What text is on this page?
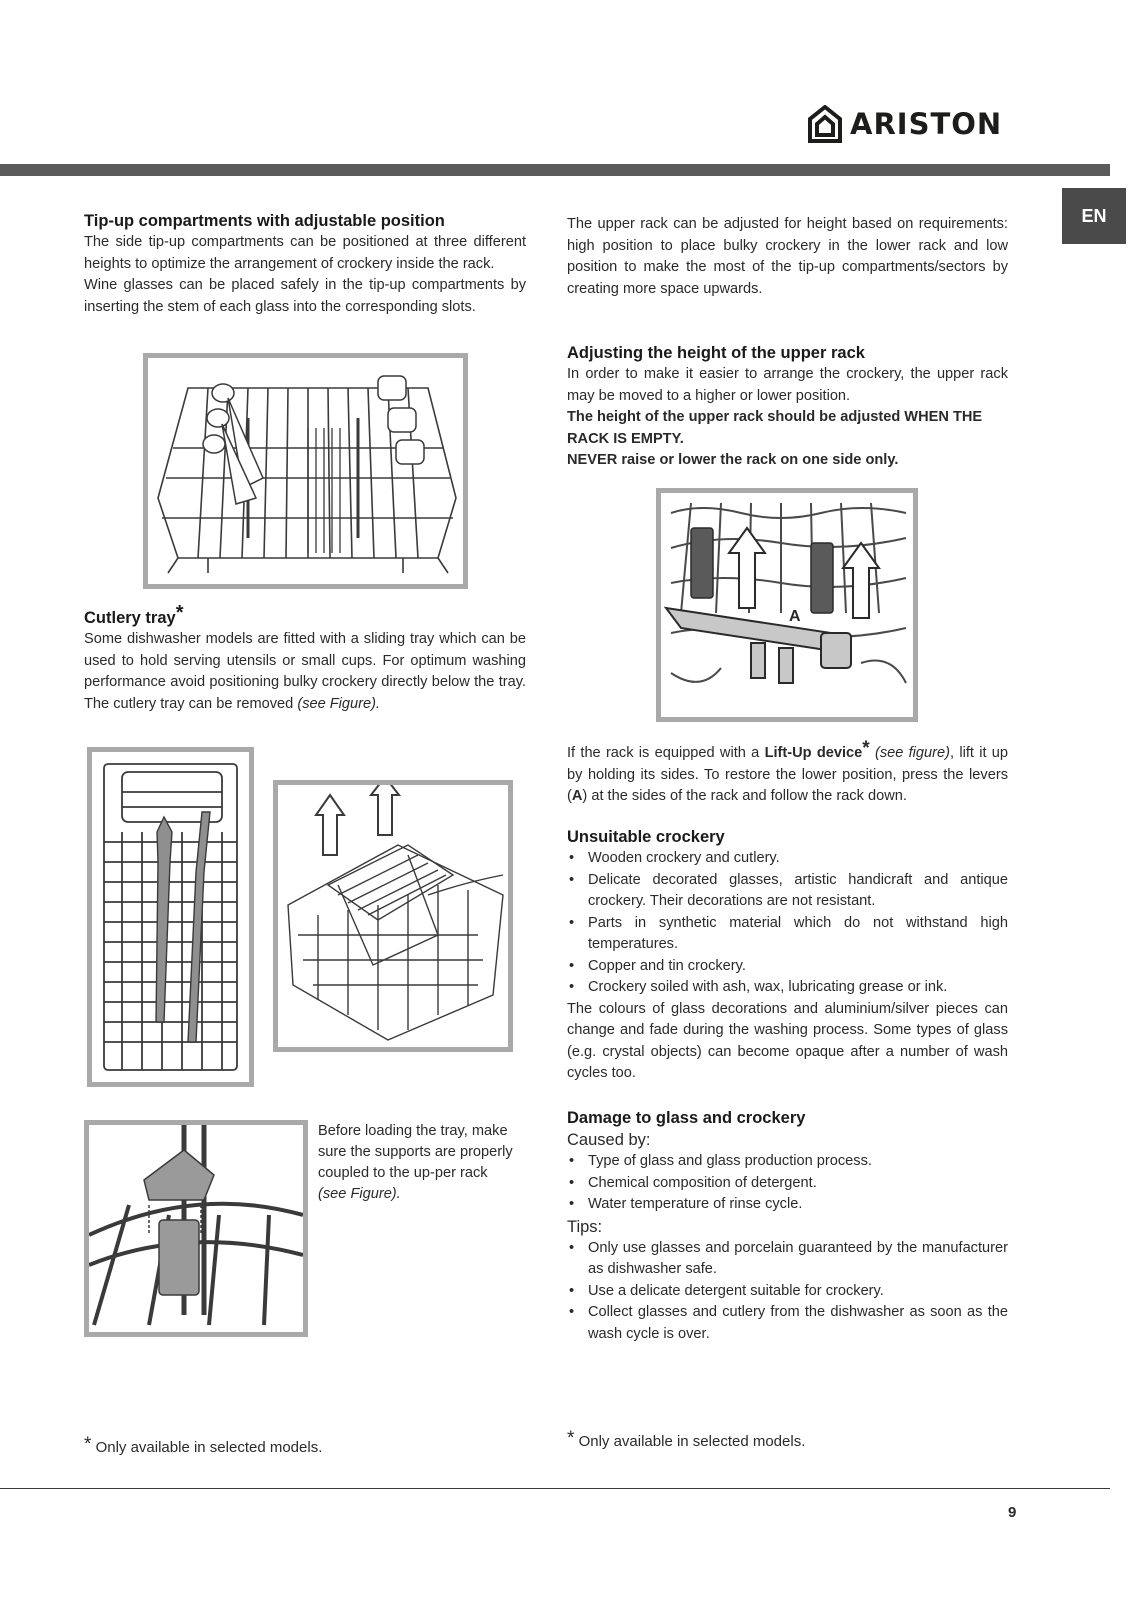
ARISTON
EN
Tip-up compartments with adjustable position

The side tip-up compartments can be positioned at three different heights to optimize the arrangement of crockery inside the rack.

Wine glasses can be placed safely in the tip-up compartments by inserting the stem of each glass into the corresponding slots.

Cutlery tray*

Some dishwasher models are fitted with a sliding tray which can be used to hold serving utensils or small cups. For optimum washing performance avoid positioning bulky crockery directly below the tray. The cutlery tray can be removed (see Figure).

Before loading the tray, make sure the supports are properly coupled to the up-per rack (see Figure).

* Only available in selected models.

The upper rack can be adjusted for height based on requirements: high position to place bulky crockery in the lower rack and low position to make the most of the tip-up compartments/sectors by creating more space upwards.

Adjusting the height of the upper rack

In order to make it easier to arrange the crockery, the upper rack may be moved to a higher or lower position.

The height of the upper rack should be adjusted WHEN THE RACK IS EMPTY.

NEVER raise or lower the rack on one side only.

A

If the rack is equipped with a Lift-Up device* (see figure), lift it up by holding its sides. To restore the lower position, press the levers (A) at the sides of the rack and follow the rack down.

Unsuitable crockery
• Wooden crockery and cutlery.
• Delicate decorated glasses, artistic handicraft and antique crockery. Their decorations are not resistant.
• Parts in synthetic material which do not withstand high temperatures.
• Copper and tin crockery.
• Crockery soiled with ash, wax, lubricating grease or ink.

The colours of glass decorations and aluminium/silver pieces can change and fade during the washing process. Some types of glass (e.g. crystal objects) can become opaque after a number of wash cycles too.

Damage to glass and crockery
Caused by:
• Type of glass and glass production process.
• Chemical composition of detergent.
• Water temperature of rinse cycle.
Tips:
• Only use glasses and porcelain guaranteed by the manufacturer as dishwasher safe.
• Use a delicate detergent suitable for crockery.
• Collect glasses and cutlery from the dishwasher as soon as the wash cycle is over.
* Only available in selected models.
9
